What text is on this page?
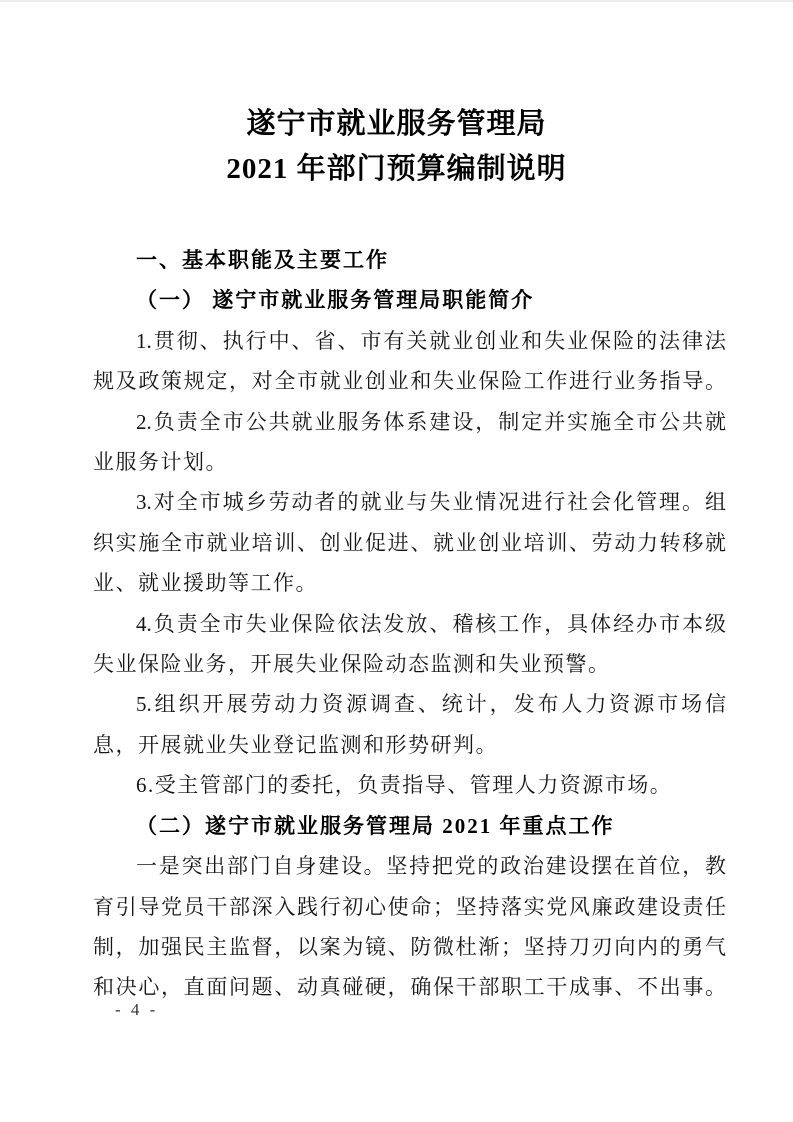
遂宁市就业服务管理局
2021 年部门预算编制说明
一、基本职能及主要工作
（一） 遂宁市就业服务管理局职能简介
1.贯彻、执行中、省、市有关就业创业和失业保险的法律法
规及政策规定，对全市就业创业和失业保险工作进行业务指导。
2.负责全市公共就业服务体系建设，制定并实施全市公共就
业服务计划。
3.对全市城乡劳动者的就业与失业情况进行社会化管理。组
织实施全市就业培训、创业促进、就业创业培训、劳动力转移就
业、就业援助等工作。
4.负责全市失业保险依法发放、稽核工作，具体经办市本级
失业保险业务，开展失业保险动态监测和失业预警。
5.组织开展劳动力资源调查、统计，发布人力资源市场信
息，开展就业失业登记监测和形势研判。
6.受主管部门的委托，负责指导、管理人力资源市场。
（二）遂宁市就业服务管理局 2021 年重点工作
一是突出部门自身建设。坚持把党的政治建设摆在首位，教
育引导党员干部深入践行初心使命；坚持落实党风廉政建设责任
制，加强民主监督，以案为镜、防微杜渐；坚持刀刃向内的勇气
和决心，直面问题、动真碰硬，确保干部职工干成事、不出事。
- 4 -
